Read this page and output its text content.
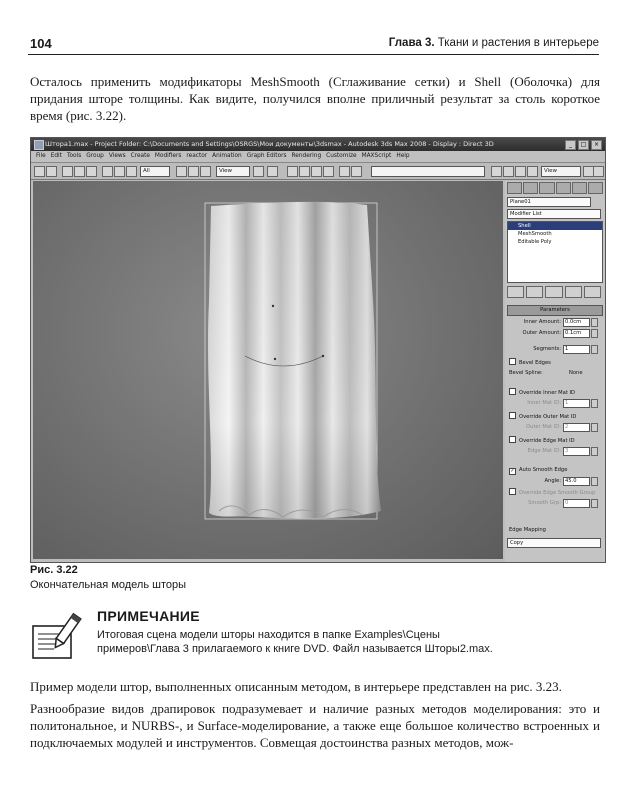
104	Глава 3. Ткани и растения в интерьере
Осталось применить модификаторы MeshSmooth (Сглаживание сетки) и Shell (Оболочка) для придания шторе толщины. Как видите, получился вполне приличный результат за столь короткое время (рис. 3.22).
Штора1.max - Project Folder: C:\Documents and Settings\OSRGS\Мои документы\3dsmax - Autodesk 3ds Max 2008 - Display : Direct 3D	_	□	×
File Edit Tools Group Views Create Modifiers reactor Animation Graph Editors Rendering Customize MAXScript Help
All	View	View
Plane01
Modifier List
Shell
MeshSmooth
Editable Poly
Parameters
Inner Amount: 0.0cm
Outer Amount: 0.1cm
Segments: 1
Bevel Edges
Bevel Spline:	None
Override Inner Mat ID
Inner Mat ID: 1
Override Outer Mat ID
Outer Mat ID: 2
Override Edge Mat ID
Edge Mat ID: 3
✓ Auto Smooth Edge
Angle: 45.0
Override Edge Smooth Group
Smooth Grp: 0
Edge Mapping
Copy
Рис. 3.22
Окончательная модель шторы
ПРИМЕЧАНИЕ
Итоговая сцена модели шторы находится в папке Examples\Сцены
примеров\Глава 3 прилагаемого к книге DVD. Файл называется Шторы2.max.
Пример модели штор, выполненных описанным методом, в интерьере представлен на рис. 3.23.
Разнообразие видов драпировок подразумевает и наличие разных методов моделирования: это и политональное, и NURBS-, и Surface-моделирование, а также еще большое количество встроенных и подключаемых модулей и инструментов. Совмещая достоинства разных методов, мож-
